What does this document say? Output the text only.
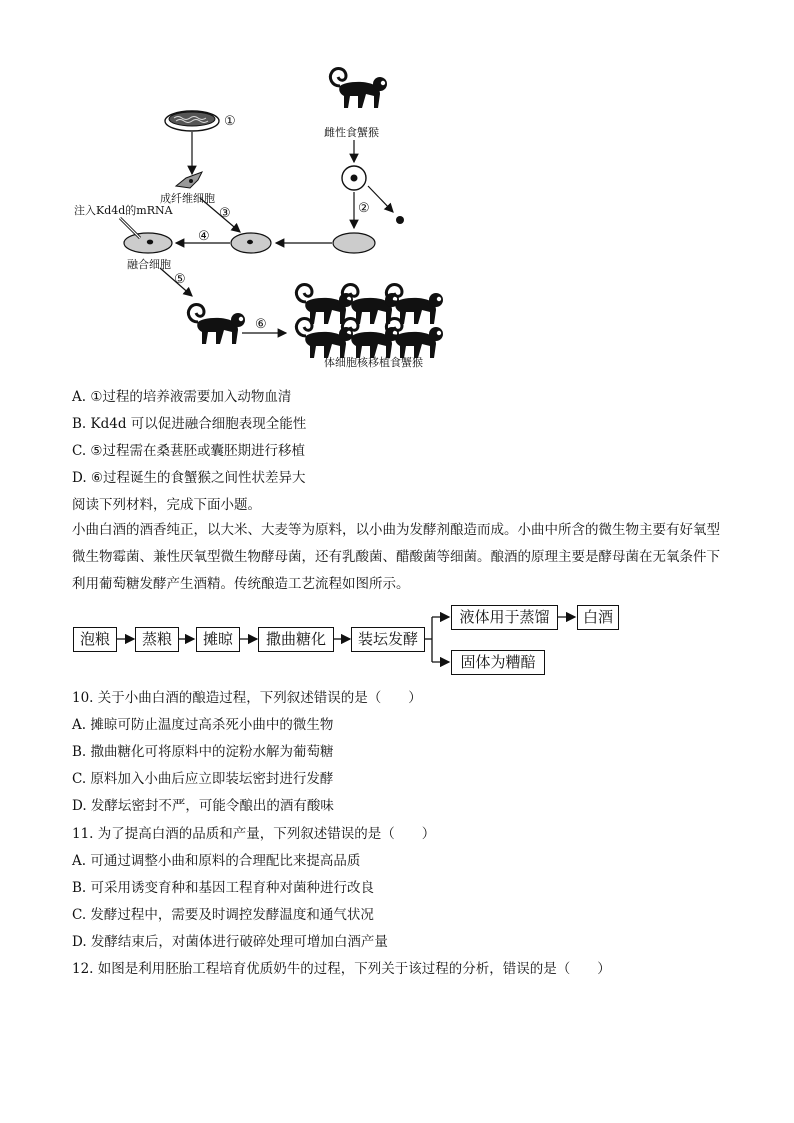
①
成纤维细胞
注入Kd4d的mRNA	③
④
融合细胞
⑤
雌性食蟹猴
②
⑥
体细胞核移植食蟹猴
A. ①过程的培养液需要加入动物血清
B. Kd4d 可以促进融合细胞表现全能性
C. ⑤过程需在桑葚胚或囊胚期进行移植
D. ⑥过程诞生的食蟹猴之间性状差异大
阅读下列材料，完成下面小题。
小曲白酒的酒香纯正，以大米、大麦等为原料，以小曲为发酵剂酿造而成。小曲中所含的微生物主要有好氧型微生物霉菌、兼性厌氧型微生物酵母菌，还有乳酸菌、醋酸菌等细菌。酿酒的原理主要是酵母菌在无氧条件下利用葡萄糖发酵产生酒精。传统酿造工艺流程如图所示。
泡粮	蒸粮	摊晾	撒曲糖化	装坛发酵
液体用于蒸馏	白酒
固体为糟醅
10. 关于小曲白酒的酿造过程，下列叙述错误的是（　　）
A. 摊晾可防止温度过高杀死小曲中的微生物
B. 撒曲糖化可将原料中的淀粉水解为葡萄糖
C. 原料加入小曲后应立即装坛密封进行发酵
D. 发酵坛密封不严，可能令酿出的酒有酸味
11. 为了提高白酒的品质和产量，下列叙述错误的是（　　）
A. 可通过调整小曲和原料的合理配比来提高品质
B. 可采用诱变育种和基因工程育种对菌种进行改良
C. 发酵过程中，需要及时调控发酵温度和通气状况
D. 发酵结束后，对菌体进行破碎处理可增加白酒产量
12. 如图是利用胚胎工程培育优质奶牛的过程，下列关于该过程的分析，错误的是（　　）
